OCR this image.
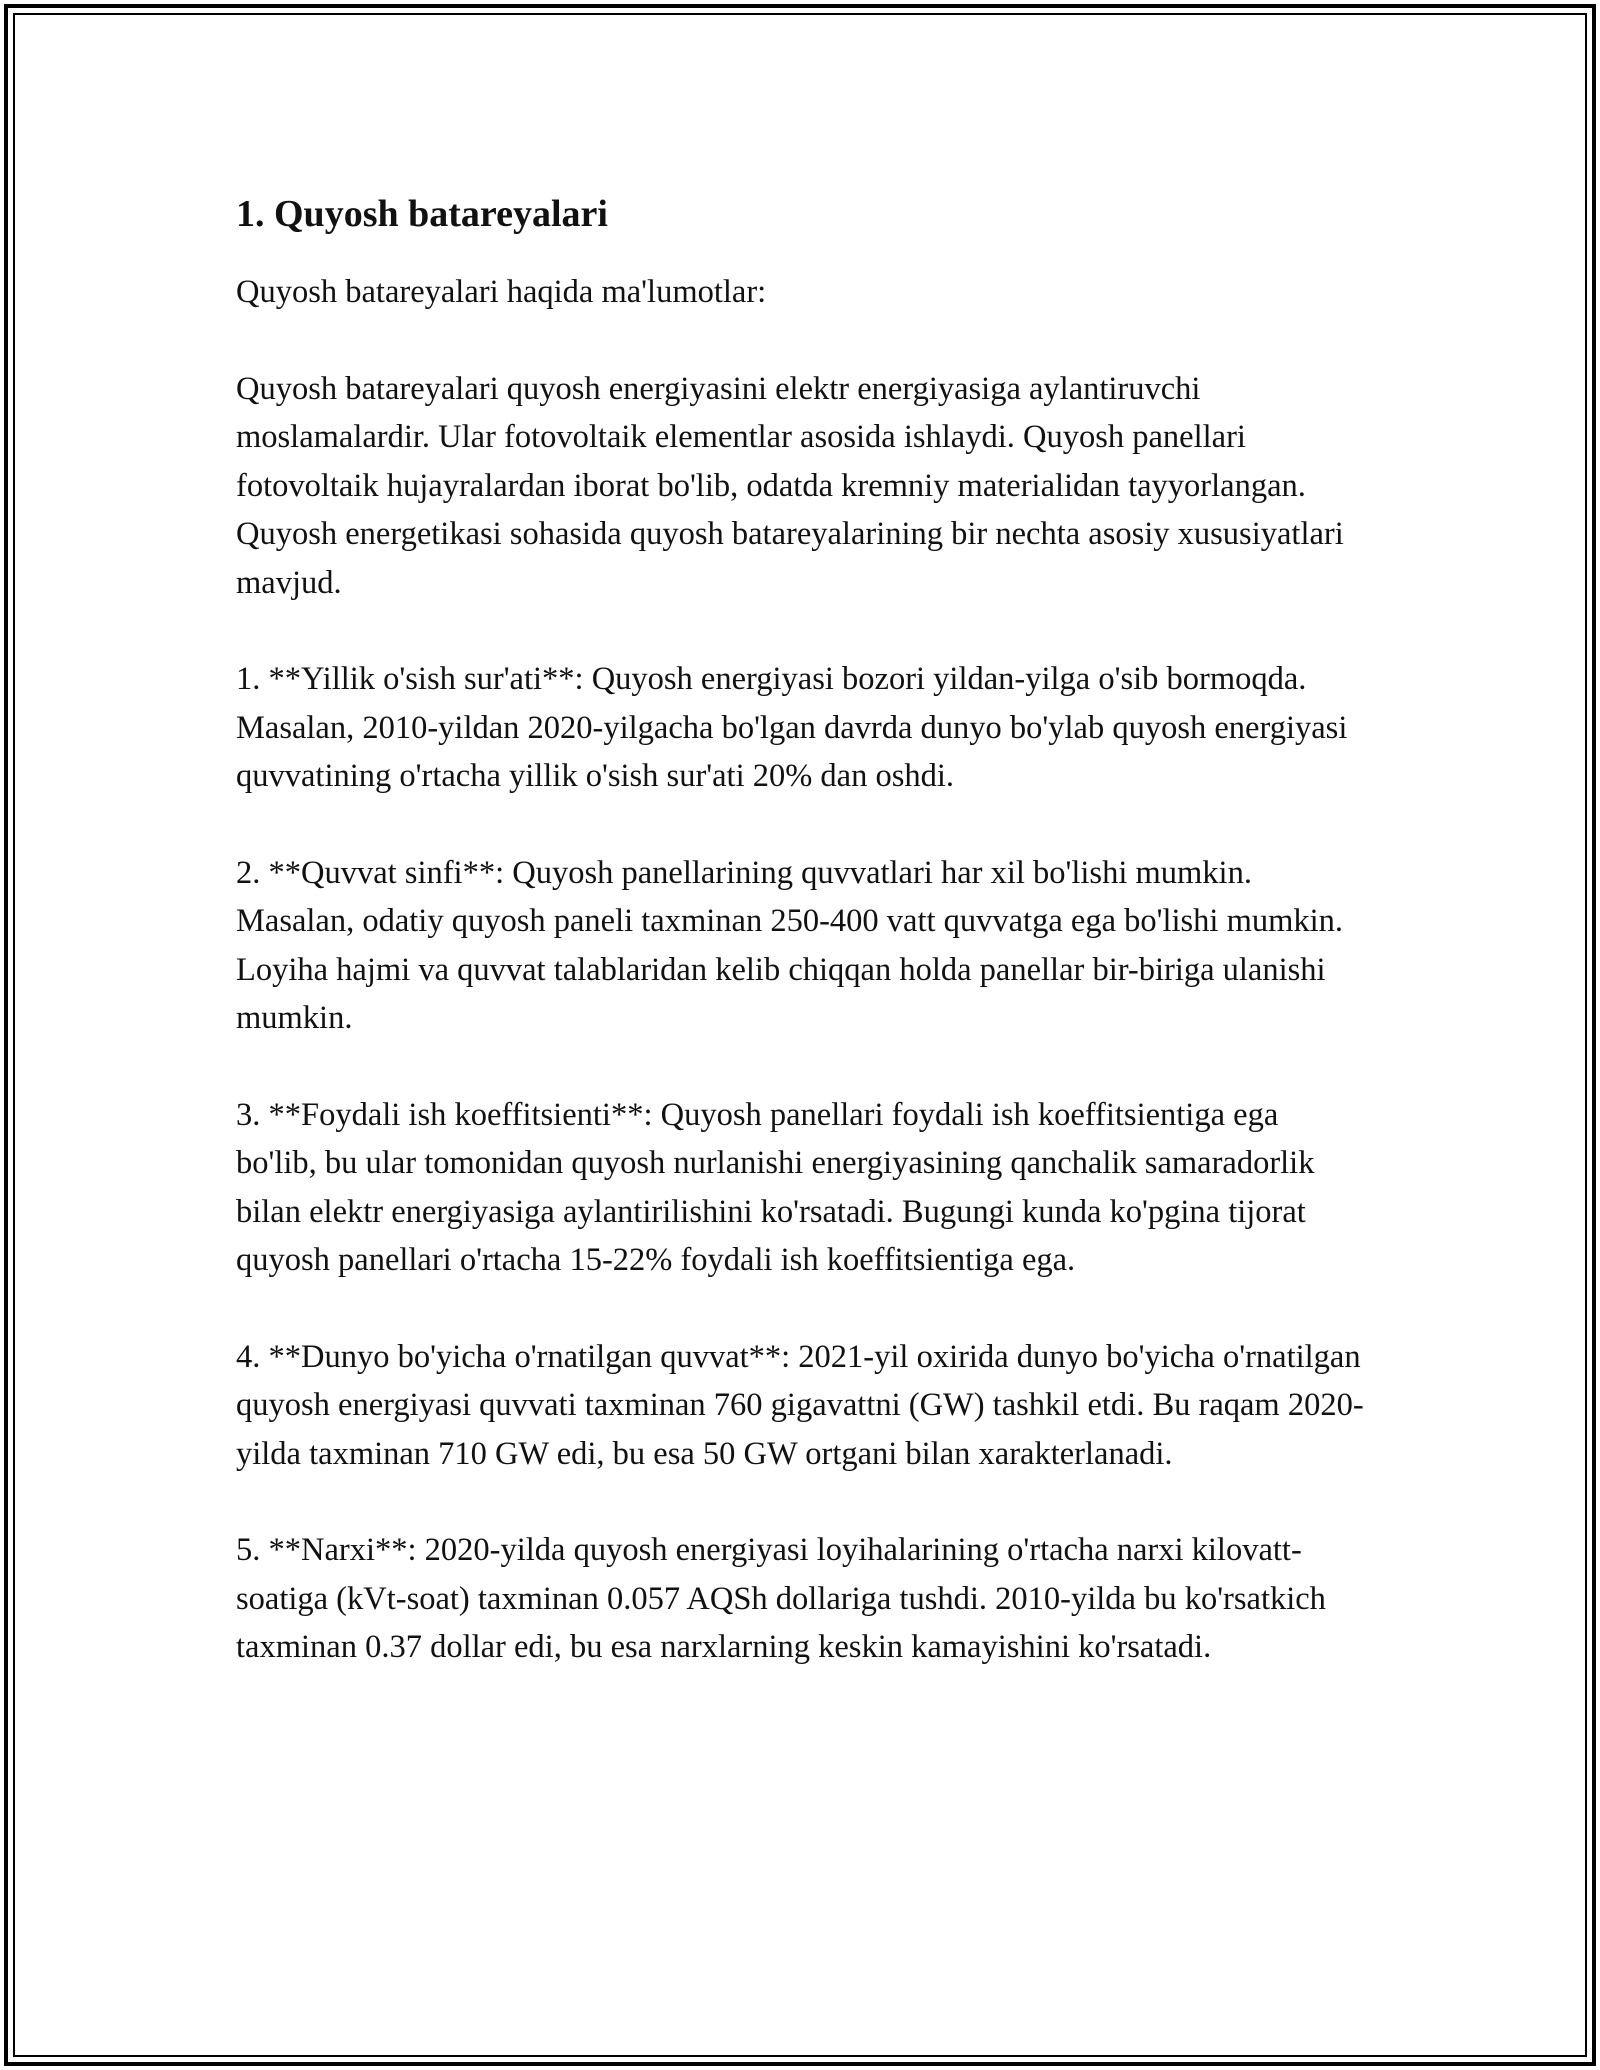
1. Quyosh batareyalari

Quyosh batareyalari haqida ma'lumotlar:

Quyosh batareyalari quyosh energiyasini elektr energiyasiga aylantiruvchi moslamalardir. Ular fotovoltaik elementlar asosida ishlaydi. Quyosh panellari fotovoltaik hujayralardan iborat bo'lib, odatda kremniy materialidan tayyorlangan. Quyosh energetikasi sohasida quyosh batareyalarining bir nechta asosiy xususiyatlari mavjud.

1. **Yillik o'sish sur'ati**: Quyosh energiyasi bozori yildan-yilga o'sib bormoqda. Masalan, 2010-yildan 2020-yilgacha bo'lgan davrda dunyo bo'ylab quyosh energiyasi quvvatining o'rtacha yillik o'sish sur'ati 20% dan oshdi.

2. **Quvvat sinfi**: Quyosh panellarining quvvatlari har xil bo'lishi mumkin. Masalan, odatiy quyosh paneli taxminan 250-400 vatt quvvatga ega bo'lishi mumkin. Loyiha hajmi va quvvat talablaridan kelib chiqqan holda panellar bir-biriga ulanishi mumkin.

3. **Foydali ish koeffitsienti**: Quyosh panellari foydali ish koeffitsientiga ega bo'lib, bu ular tomonidan quyosh nurlanishi energiyasining qanchalik samaradorlik bilan elektr energiyasiga aylantirilishini ko'rsatadi. Bugungi kunda ko'pgina tijorat quyosh panellari o'rtacha 15-22% foydali ish koeffitsientiga ega.

4. **Dunyo bo'yicha o'rnatilgan quvvat**: 2021-yil oxirida dunyo bo'yicha o'rnatilgan quyosh energiyasi quvvati taxminan 760 gigavattni (GW) tashkil etdi. Bu raqam 2020-yilda taxminan 710 GW edi, bu esa 50 GW ortgani bilan xarakterlanadi.

5. **Narxi**: 2020-yilda quyosh energiyasi loyihalarining o'rtacha narxi kilovatt-soatiga (kVt-soat) taxminan 0.057 AQSh dollariga tushdi. 2010-yilda bu ko'rsatkich taxminan 0.37 dollar edi, bu esa narxlarning keskin kamayishini ko'rsatadi.
